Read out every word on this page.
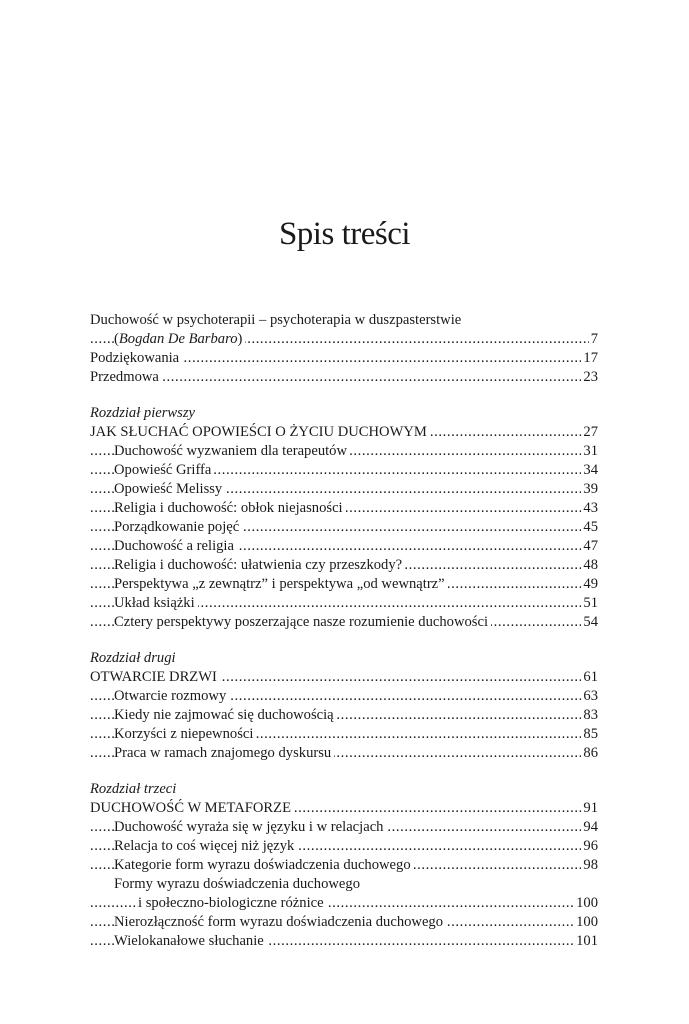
Spis treści
Duchowość w psychoterapii – psychoterapia w duszpasterstwie
(Bogdan De Barbaro)	7
.....
Podziękowania	17
.....
Przedmowa	23
.....
Rozdział pierwszy
JAK SŁUCHAĆ OPOWIEŚCI O ŻYCIU DUCHOWYM	27
.....
Duchowość wyzwaniem dla terapeutów	31
.....
Opowieść Griffa	34
.....
Opowieść Melissy	39
.....
Religia i duchowość: obłok niejasności	43
.....
Porządkowanie pojęć	45
.....
Duchowość a religia	47
.....
Religia i duchowość: ułatwienia czy przeszkody?	48
.....
Perspektywa „z zewnątrz” i perspektywa „od wewnątrz”	49
.....
Układ książki	51
.....
Cztery perspektywy poszerzające nasze rozumienie duchowości	54
.....
Rozdział drugi
OTWARCIE DRZWI	61
.....
Otwarcie rozmowy	63
.....
Kiedy nie zajmować się duchowością	83
.....
Korzyści z niepewności	85
.....
Praca w ramach znajomego dyskursu	86
.....
Rozdział trzeci
DUCHOWOŚĆ W METAFORZE	91
.....
Duchowość wyraża się w języku i w relacjach	94
.....
Relacja to coś więcej niż język	96
.....
Kategorie form wyrazu doświadczenia duchowego	98
.....
Formy wyrazu doświadczenia duchowego
i społeczno-biologiczne różnice	100
.....
Nierozłączność form wyrazu doświadczenia duchowego	100
.....
Wielokanałowe słuchanie	101
.....
